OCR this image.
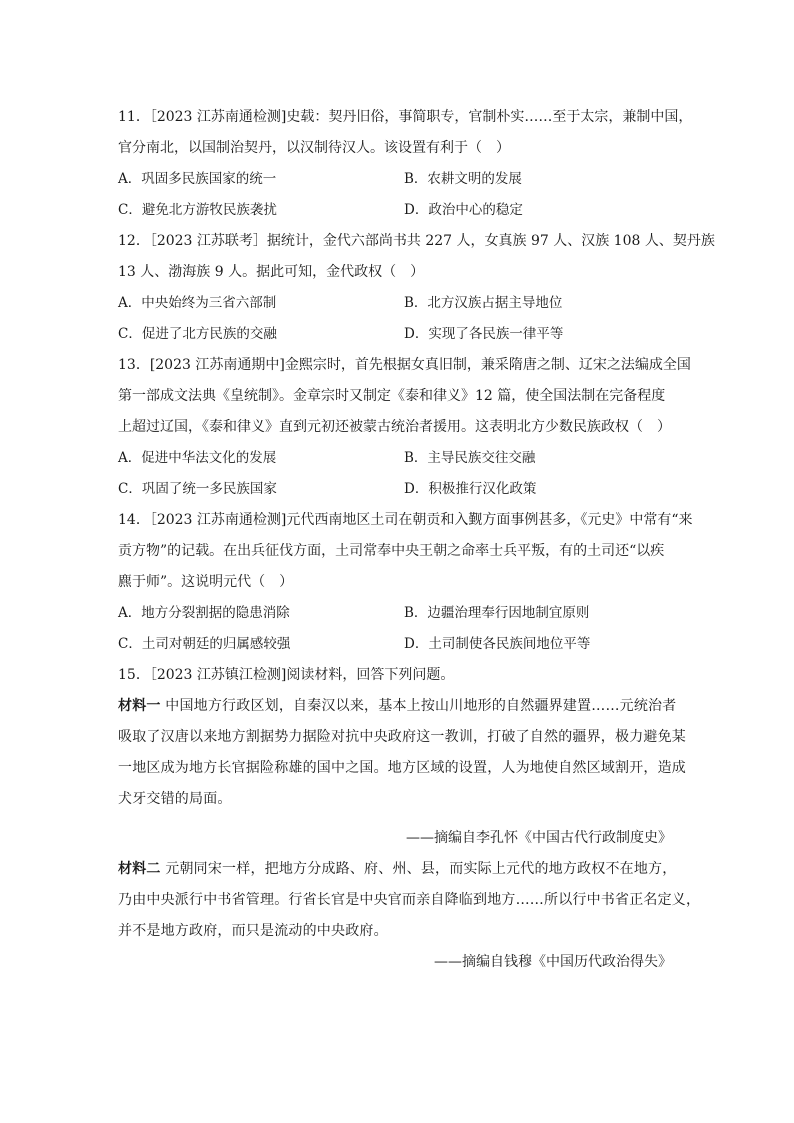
11．［2023 江苏南通检测]史载：契丹旧俗，事简职专，官制朴实……至于太宗，兼制中国，
官分南北，以国制治契丹，以汉制待汉人。该设置有利于（　）
A．巩固多民族国家的统一	B．农耕文明的发展
C．避免北方游牧民族袭扰	D．政治中心的稳定
12．［2023 江苏联考］据统计，金代六部尚书共 227 人，女真族 97 人、汉族 108 人、契丹族
13 人、渤海族 9 人。据此可知，金代政权（　）
A．中央始终为三省六部制	B．北方汉族占据主导地位
C．促进了北方民族的交融	D．实现了各民族一律平等
13．[2023 江苏南通期中]金熙宗时，首先根据女真旧制，兼采隋唐之制、辽宋之法编成全国
第一部成文法典《皇统制》。金章宗时又制定《泰和律义》12 篇，使全国法制在完备程度
上超过辽国，《泰和律义》直到元初还被蒙古统治者援用。这表明北方少数民族政权（　）
A．促进中华法文化的发展	B．主导民族交往交融
C．巩固了统一多民族国家	D．积极推行汉化政策
14．［2023 江苏南通检测]元代西南地区土司在朝贡和入觐方面事例甚多，《元史》中常有“来
贡方物”的记载。在出兵征伐方面，土司常奉中央王朝之命率士兵平叛，有的土司还“以疾
麃于师”。这说明元代（　）
A．地方分裂割据的隐患消除	B．边疆治理奉行因地制宜原则
C．土司对朝廷的归属感较强	D．土司制使各民族间地位平等
15．［2023 江苏镇江检测]阅读材料，回答下列问题。
材料一 中国地方行政区划，自秦汉以来，基本上按山川地形的自然疆界建置……元统治者
吸取了汉唐以来地方割据势力据险对抗中央政府这一教训，打破了自然的疆界，极力避免某
一地区成为地方长官据险称雄的国中之国。地方区域的设置，人为地使自然区域割开，造成
犬牙交错的局面。
——摘编自李孔怀《中国古代行政制度史》
材料二 元朝同宋一样，把地方分成路、府、州、县，而实际上元代的地方政权不在地方，
乃由中央派行中书省管理。行省长官是中央官而亲自降临到地方……所以行中书省正名定义，
并不是地方政府，而只是流动的中央政府。
——摘编自钱穆《中国历代政治得失》
